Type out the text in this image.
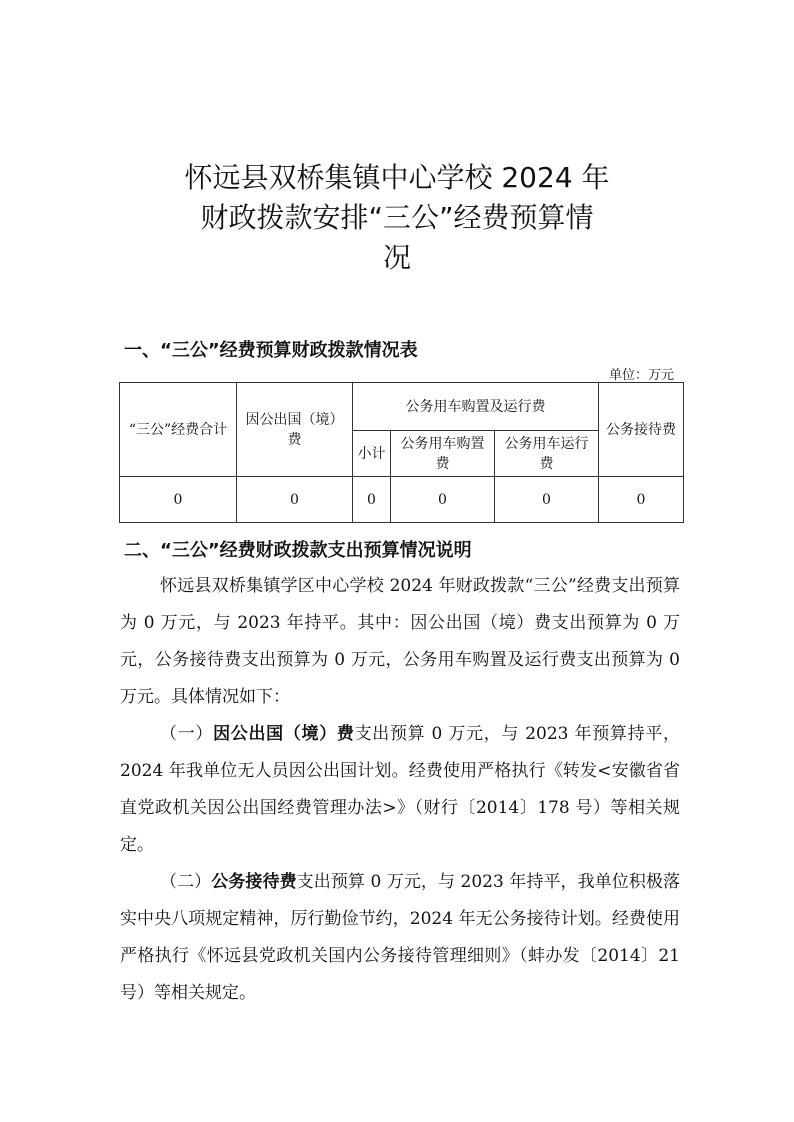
怀远县双桥集镇中心学校 2024 年
财政拨款安排“三公”经费预算情
况
一、“三公”经费预算财政拨款情况表
单位：万元
“三公”经费合计	因公出国（境）费	公务用车购置及运行费			公务接待费
		小计	公务用车购置费	公务用车运行费	
0	0	0	0	0	0
二、“三公”经费财政拨款支出预算情况说明

怀远县双桥集镇学区中心学校 2024 年财政拨款“三公”经费支出预算为 0 万元，与 2023 年持平。其中：因公出国（境）费支出预算为 0 万元，公务接待费支出预算为 0 万元，公务用车购置及运行费支出预算为 0 万元。具体情况如下：

（一）因公出国（境）费支出预算 0 万元，与 2023 年预算持平， 2024 年我单位无人员因公出国计划。经费使用严格执行《转发<安徽省省直党政机关因公出国经费管理办法>》（财行〔2014〕178 号）等相关规定。

（二）公务接待费支出预算 0 万元，与 2023 年持平，我单位积极落实中央八项规定精神，厉行勤俭节约，2024 年无公务接待计划。经费使用严格执行《怀远县党政机关国内公务接待管理细则》（蚌办发〔2014〕21 号）等相关规定。
